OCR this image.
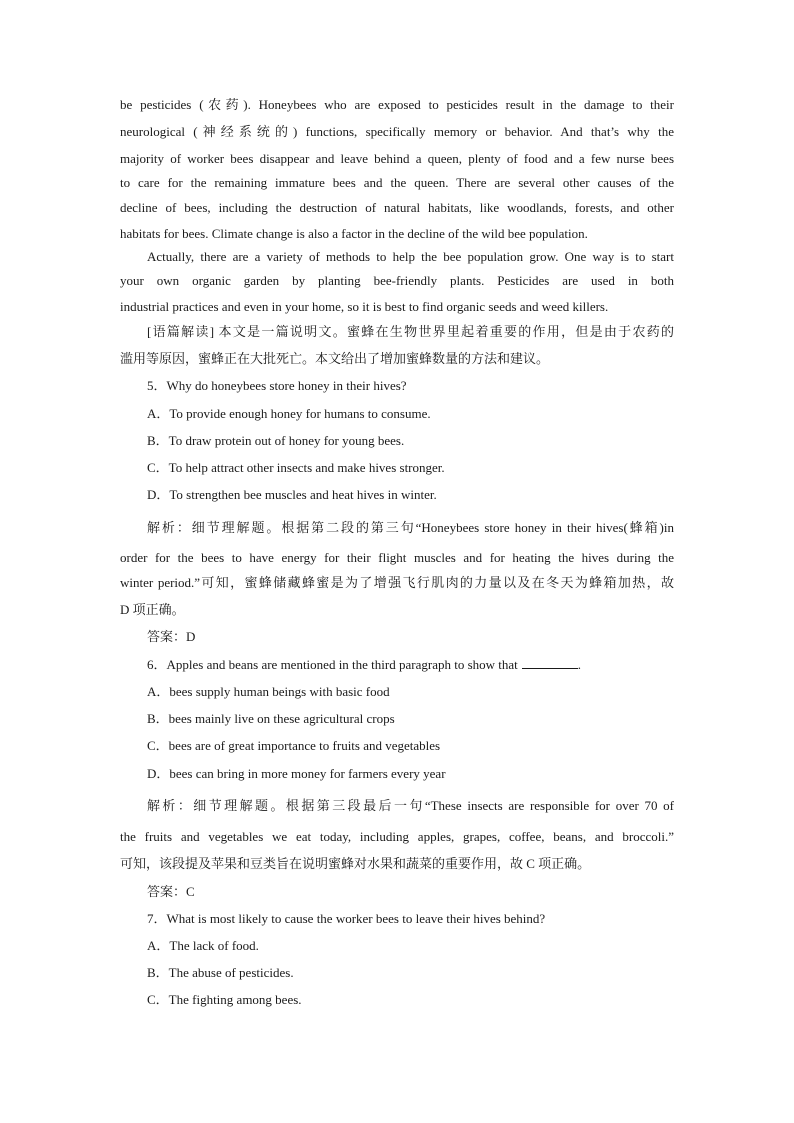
be pesticides (农药). Honeybees who are exposed to pesticides result in the damage to their

neurological (神经系统的) functions, specifically memory or behavior. And that’s why the

majority of worker bees disappear and leave behind a queen, plenty of food and a few nurse bees

to care for the remaining immature bees and the queen. There are several other causes of the

decline of bees, including the destruction of natural habitats, like woodlands, forests, and other

habitats for bees. Climate change is also a factor in the decline of the wild bee population.

Actually, there are a variety of methods to help the bee population grow. One way is to start

your own organic garden by planting bee-friendly plants. Pesticides are used in both

industrial practices and even in your home, so it is best to find organic seeds and weed killers.

[语篇解读] 本文是一篇说明文。蜜蜂在生物世界里起着重要的作用，但是由于农药的

滥用等原因，蜜蜂正在大批死亡。本文给出了增加蜜蜂数量的方法和建议。

5．Why do honeybees store honey in their hives?

A．To provide enough honey for humans to consume.

B．To draw protein out of honey for young bees.

C．To help attract other insects and make hives stronger.

D．To strengthen bee muscles and heat hives in winter.

解析：细节理解题。根据第二段的第三句“Honeybees store honey in their hives(蜂箱)in

order for the bees to have energy for their flight muscles and for heating the hives during the

winter period.”可知，蜜蜂储藏蜂蜜是为了增强飞行肌肉的力量以及在冬天为蜂箱加热，故

D 项正确。

答案：D

6．Apples and beans are mentioned in the third paragraph to show that	.

A．bees supply human beings with basic food

B．bees mainly live on these agricultural crops

C．bees are of great importance to fruits and vegetables

D．bees can bring in more money for farmers every year

解析：细节理解题。根据第三段最后一句“These insects are responsible for over 70 of

the fruits and vegetables we eat today, including apples, grapes, coffee, beans, and broccoli.”

可知，该段提及苹果和豆类旨在说明蜜蜂对水果和蔬菜的重要作用，故 C 项正确。

答案：C

7．What is most likely to cause the worker bees to leave their hives behind?

A．The lack of food.

B．The abuse of pesticides.

C．The fighting among bees.
